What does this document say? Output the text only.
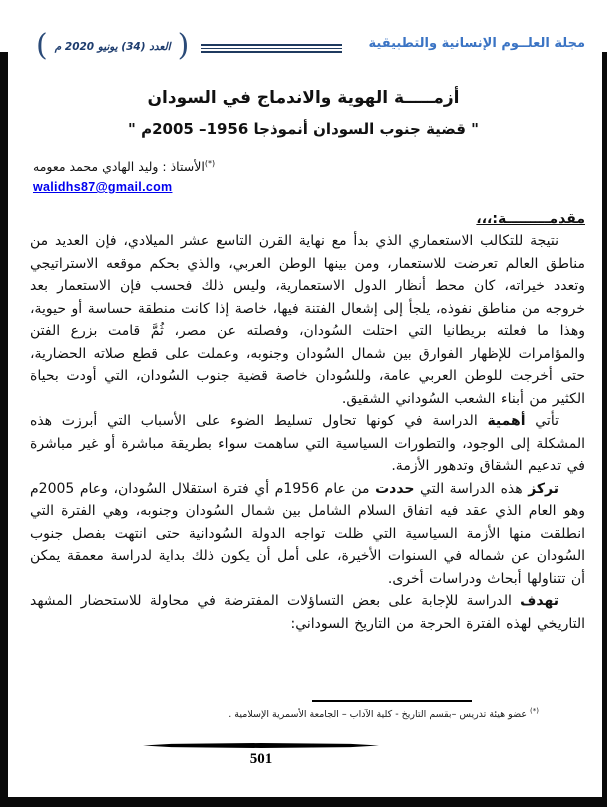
مجلة العلــوم الإنسانية والتطبيقية
( العدد (34) يونيو 2020 م )
أزمـــــة الهوية والاندماج في السودان
" قضية جنوب السودان أنموذجا 1956– 2005م "
(*)الأستاذ : وليد الهادي محمد معومه
walidhs87@gmail.com
مقدمـــــــــة:،،،

نتيجة للتكالب الاستعماري الذي بدأ مع نهاية القرن التاسع عشر الميلادي، فإن العديد من مناطق العالم تعرضت للاستعمار، ومن بينها الوطن العربي، والذي بحكم موقعه الاستراتيجي وتعدد خيراته، كان محط أنظار الدول الاستعمارية، وليس ذلك فحسب فإن الاستعمار بعد خروجه من مناطق نفوذه، يلجأ إلى إشعال الفتنة فيها، خاصة إذا كانت منطقة حساسة أو حيوية، وهذا ما فعلته بريطانيا التي احتلت السُودان، وفصلته عن مصر، ثُمَّ قامت بزرع الفتن والمؤامرات للإظهار الفوارق بين شمال السُودان وجنوبه، وعملت على قطع صلاته الحضارية، حتى أخرجت للوطن العربي عامة، وللسُودان خاصة قضية جنوب السُودان، التي أودت بحياة الكثير من أبناء الشعب السُوداني الشقيق.

تأتي أهمية الدراسة في كونها تحاول تسليط الضوء على الأسباب التي أبرزت هذه المشكلة إلى الوجود، والتطورات السياسية التي ساهمت سواء بطريقة مباشرة أو غير مباشرة في تدعيم الشقاق وتدهور الأزمة.

تركز هذه الدراسة التي حددت من عام 1956م أي فترة استقلال السُودان، وعام 2005م وهو العام الذي عقد فيه اتفاق السلام الشامل بين شمال السُودان وجنوبه، وهي الفترة التي انطلقت منها الأزمة السياسية التي ظلت تواجه الدولة السُودانية حتى انتهت بفصل جنوب السُودان عن شماله في السنوات الأخيرة، على أمل أن يكون ذلك بداية لدراسة معمقة يمكن أن تتناولها أبحاث ودراسات أخرى.

تهدف الدراسة للإجابة على بعض التساؤلات المفترضة في محاولة للاستحضار المشهد التاريخي لهذه الفترة الحرجة من التاريخ السوداني:

(*) عضو هيئة تدريس –بقسم التاريخ - كلية الآداب – الجامعة الأسمرية الإسلامية .
501
